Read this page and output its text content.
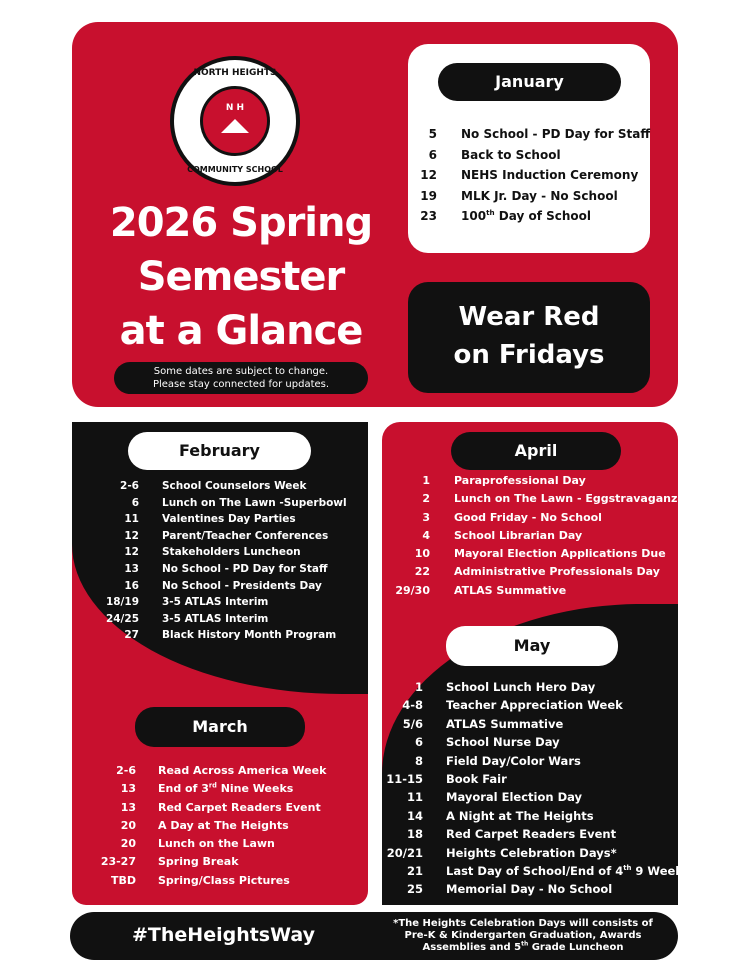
NORTH HEIGHTS
N H
COMMUNITY SCHOOL
2026 Spring
Semester
at a Glance
Some dates are subject to change.
Please stay connected for updates.
January
5 No School - PD Day for Staff
6 Back to School
12 NEHS Induction Ceremony
19 MLK Jr. Day - No School
23 100th Day of School
Wear Red
on Fridays
February
2-6 School Counselors Week
6 Lunch on The Lawn -Superbowl
11 Valentines Day Parties
12 Parent/Teacher Conferences
12 Stakeholders Luncheon
13 No School - PD Day for Staff
16 No School - Presidents Day
18/19 3-5 ATLAS Interim
24/25 3-5 ATLAS Interim
27 Black History Month Program
March
2-6 Read Across America Week
13 End of 3rd Nine Weeks
13 Red Carpet Readers Event
20 A Day at The Heights
20 Lunch on the Lawn
23-27 Spring Break
TBD Spring/Class Pictures
April
1 Paraprofessional Day
2 Lunch on The Lawn - Eggstravaganza
3 Good Friday - No School
4 School Librarian Day
10 Mayoral Election Applications Due
22 Administrative Professionals Day
29/30 ATLAS Summative
May
1 School Lunch Hero Day
4-8 Teacher Appreciation Week
5/6 ATLAS Summative
6 School Nurse Day
8 Field Day/Color Wars
11-15 Book Fair
11 Mayoral Election Day
14 A Night at The Heights
18 Red Carpet Readers Event
20/21 Heights Celebration Days*
21 Last Day of School/End of 4th 9 Weeks
25 Memorial Day - No School
#TheHeightsWay
*The Heights Celebration Days will consists of
Pre-K & Kindergarten Graduation, Awards
Assemblies and 5th Grade Luncheon
